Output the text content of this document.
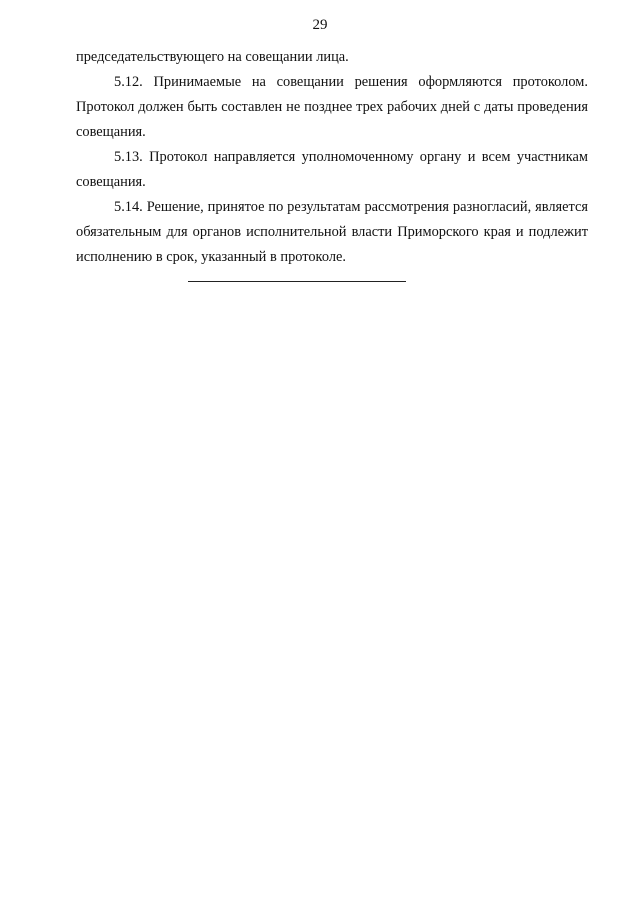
29

председательствующего на совещании лица.

5.12. Принимаемые на совещании решения оформляются протоколом. Протокол должен быть составлен не позднее трех рабочих дней с даты проведения совещания.

5.13. Протокол направляется уполномоченному органу и всем участникам совещания.

5.14. Решение, принятое по результатам рассмотрения разногласий, является обязательным для органов исполнительной власти Приморского края и подлежит исполнению в срок, указанный в протоколе.
